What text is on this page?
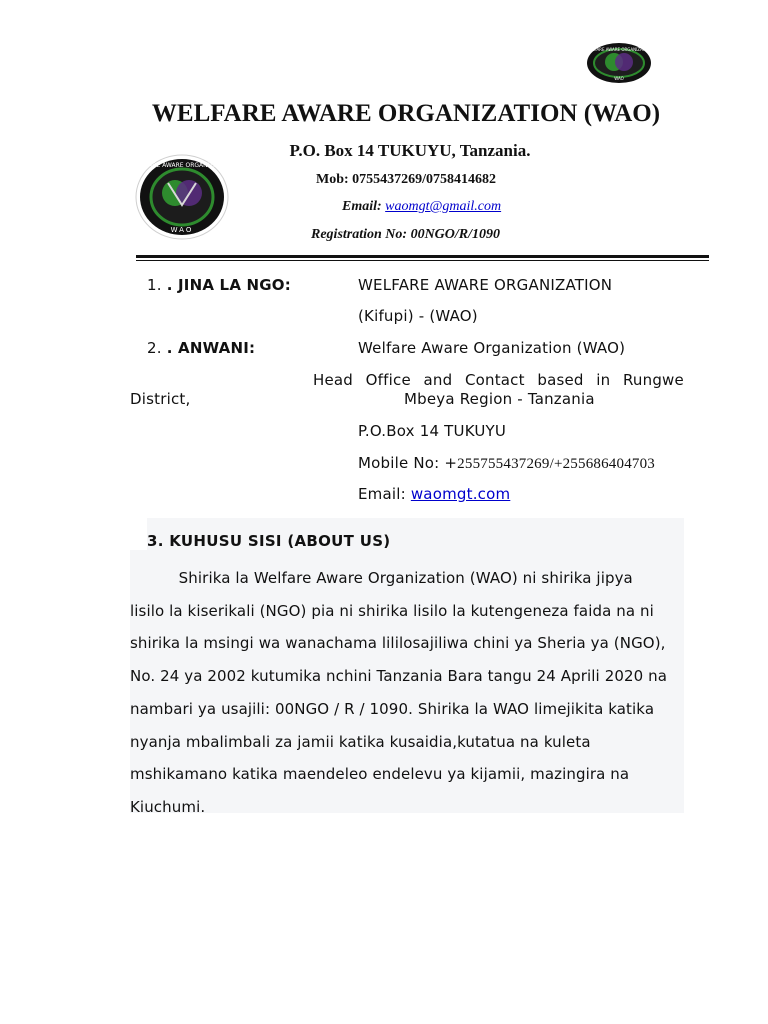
WELFARE AWARE ORGANIZATION
WAO
WELFARE AWARE ORGANIZATION
WAO
WELFARE AWARE ORGANIZATION (WAO)
P.O. Box 14 TUKUYU, Tanzania.
Mob: 0755437269/0758414682
Email: waomgt@gmail.com
Registration No: 00NGO/R/1090
1. . JINA LA NGO:	WELFARE AWARE ORGANIZATION
(Kifupi) - (WAO)
2. . ANWANI:	Welfare Aware Organization (WAO)
Head Office and Contact based in Rungwe
District,	Mbeya Region - Tanzania
P.O.Box 14 TUKUYU
Mobile No: +255755437269/+255686404703
Email: waomgt.com
3. KUHUSU SISI (ABOUT US)
Shirika la Welfare Aware Organization (WAO) ni shirika jipya
lisilo la kiserikali (NGO) pia ni shirika lisilo la kutengeneza faida na ni
shirika la msingi wa wanachama lililosajiliwa chini ya Sheria ya (NGO),
No. 24 ya 2002 kutumika nchini Tanzania Bara tangu 24 Aprili 2020 na
nambari ya usajili: 00NGO / R / 1090. Shirika la WAO limejikita katika
nyanja mbalimbali za jamii katika kusaidia,kutatua na kuleta
mshikamano katika maendeleo endelevu ya kijamii, mazingira na
Kiuchumi.
